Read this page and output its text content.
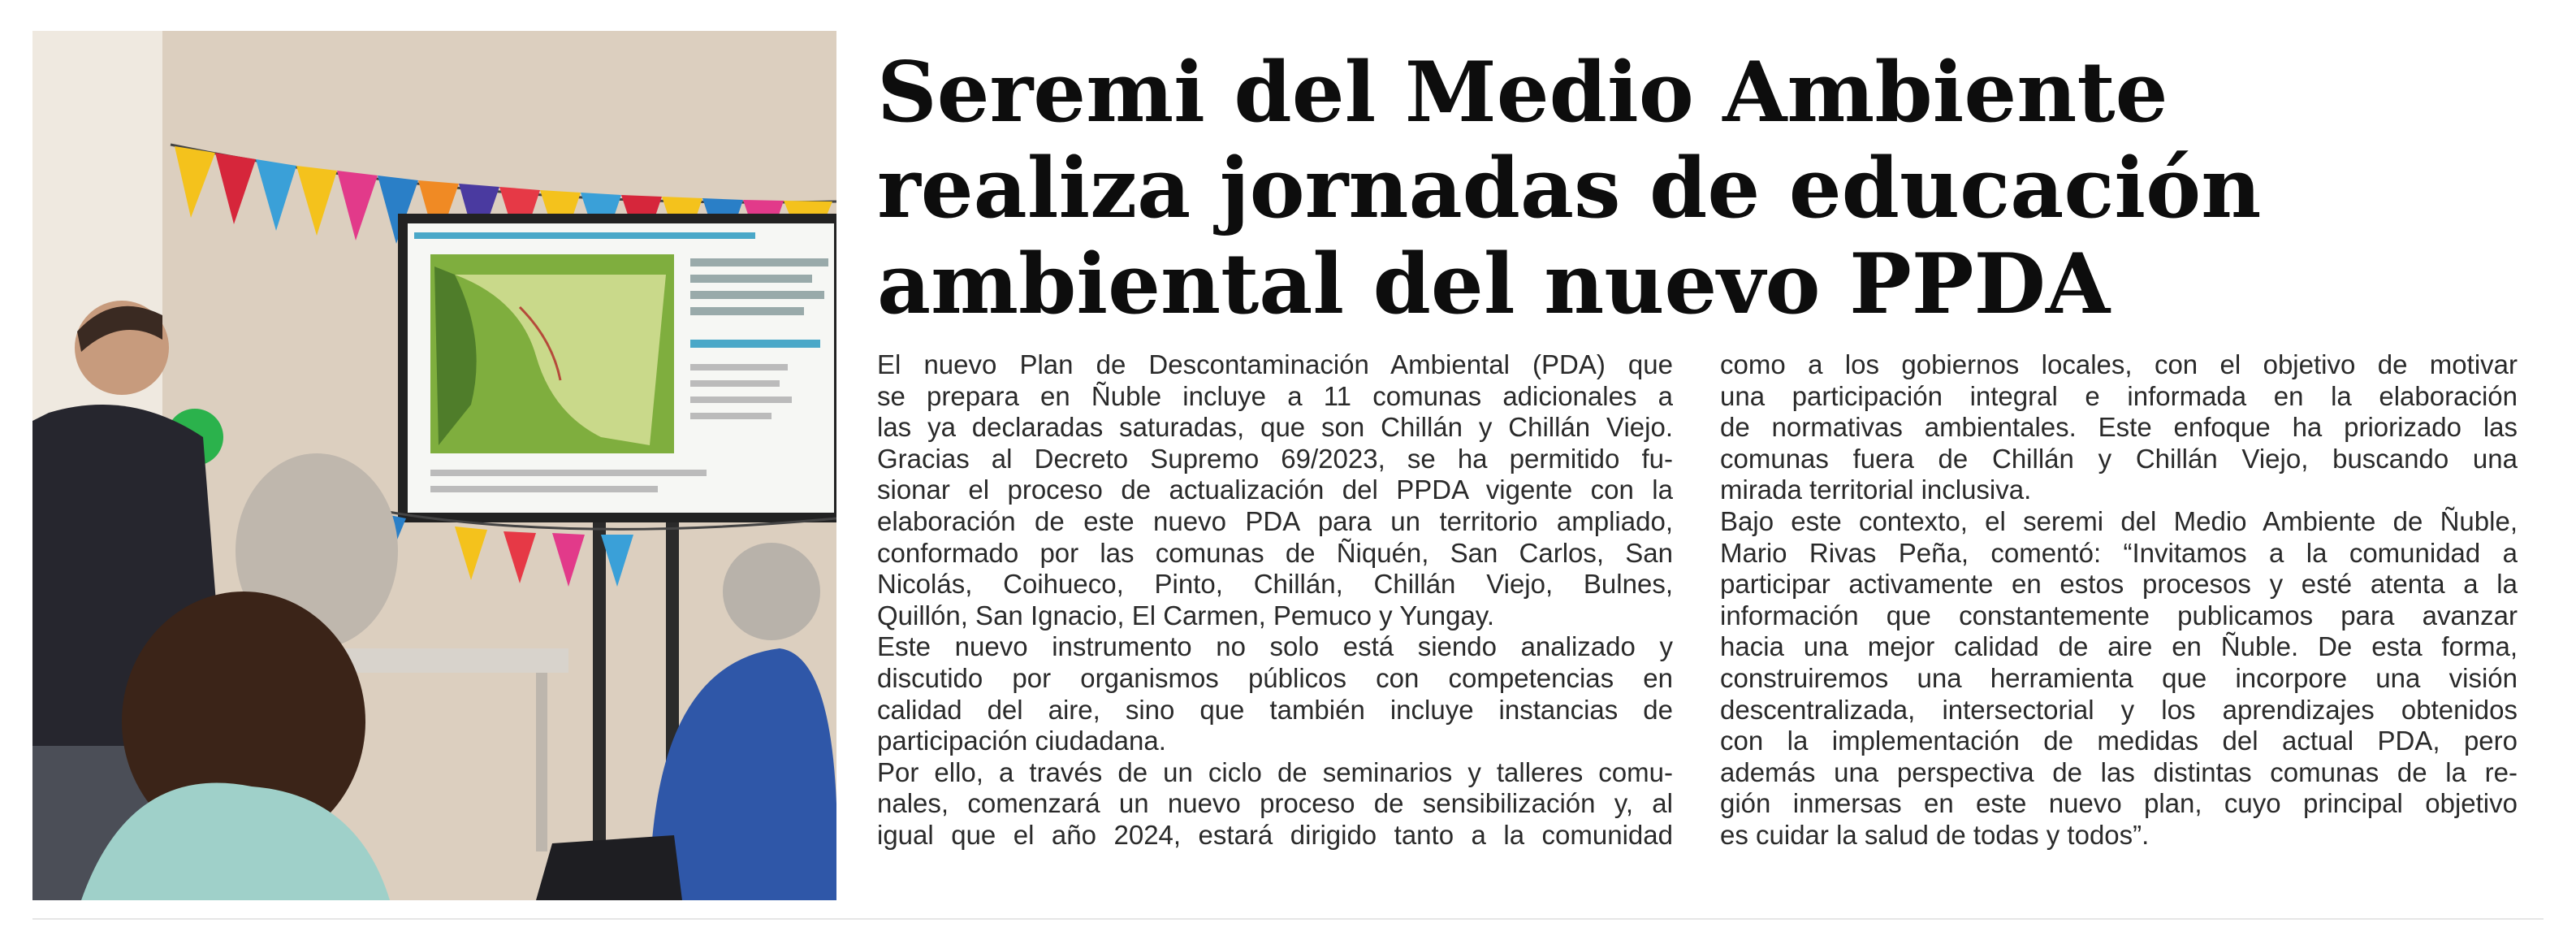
Seremi del Medio Ambiente
realiza jornadas de educación
ambiental del nuevo PPDA
El nuevo Plan de Descontaminación Ambiental (PDA) que
se prepara en Ñuble incluye a 11 comunas adicionales a
las ya declaradas saturadas, que son Chillán y Chillán Viejo.
Gracias al Decreto Supremo 69/2023, se ha permitido fu-
sionar el proceso de actualización del PPDA vigente con la
elaboración de este nuevo PDA para un territorio ampliado,
conformado por las comunas de Ñiquén, San Carlos, San
Nicolás, Coihueco, Pinto, Chillán, Chillán Viejo, Bulnes,
Quillón, San Ignacio, El Carmen, Pemuco y Yungay.
Este nuevo instrumento no solo está siendo analizado y
discutido por organismos públicos con competencias en
calidad del aire, sino que también incluye instancias de
participación ciudadana.
Por ello, a través de un ciclo de seminarios y talleres comu-
nales, comenzará un nuevo proceso de sensibilización y, al
igual que el año 2024, estará dirigido tanto a la comunidad
como a los gobiernos locales, con el objetivo de motivar
una participación integral e informada en la elaboración
de normativas ambientales. Este enfoque ha priorizado las
comunas fuera de Chillán y Chillán Viejo, buscando una
mirada territorial inclusiva.
Bajo este contexto, el seremi del Medio Ambiente de Ñuble,
Mario Rivas Peña, comentó: “Invitamos a la comunidad a
participar activamente en estos procesos y esté atenta a la
información que constantemente publicamos para avanzar
hacia una mejor calidad de aire en Ñuble. De esta forma,
construiremos una herramienta que incorpore una visión
descentralizada, intersectorial y los aprendizajes obtenidos
con la implementación de medidas del actual PDA, pero
además una perspectiva de las distintas comunas de la re-
gión inmersas en este nuevo plan, cuyo principal objetivo
es cuidar la salud de todas y todos”.
